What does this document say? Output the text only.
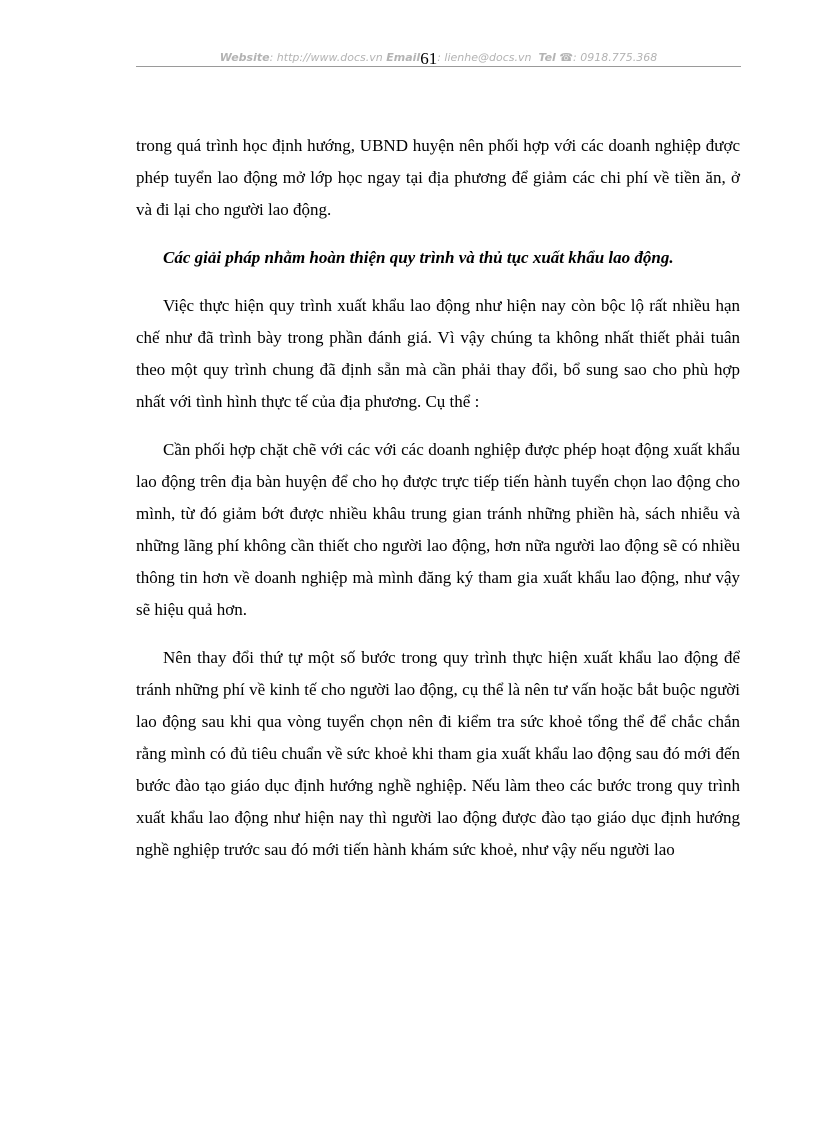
Website: http://www.docs.vn Email61: lienhe@docs.vn Tel ☎: 0918.775.368

trong quá trình học định hướng, UBND huyện nên phối hợp với các doanh nghiệp được phép tuyển lao động mở lớp học ngay tại địa phương để giảm các chi phí về tiền ăn, ở và đi lại cho người lao động.

Các giải pháp nhằm hoàn thiện quy trình và thủ tục xuất khẩu lao động.

Việc thực hiện quy trình xuất khẩu lao động như hiện nay còn bộc lộ rất nhiều hạn chế như đã trình bày trong phần đánh giá. Vì vậy chúng ta không nhất thiết phải tuân theo một quy trình chung đã định sẵn mà cần phải thay đổi, bổ sung sao cho phù hợp nhất với tình hình thực tế của địa phương. Cụ thể :

Cần phối hợp chặt chẽ với các với các doanh nghiệp được phép hoạt động xuất khẩu lao động trên địa bàn huyện để cho họ được trực tiếp tiến hành tuyển chọn lao động cho mình, từ đó giảm bớt được nhiều khâu trung gian tránh những phiền hà, sách nhiễu và những lãng phí không cần thiết cho người lao động, hơn nữa người lao động sẽ có nhiều thông tin hơn về doanh nghiệp mà mình đăng ký tham gia xuất khẩu lao động, như vậy sẽ hiệu quả hơn.

Nên thay đổi thứ tự một số bước trong quy trình thực hiện xuất khẩu lao động để tránh những phí về kinh tế cho người lao động, cụ thể là nên tư vấn hoặc bắt buộc người lao động sau khi qua vòng tuyển chọn nên đi kiểm tra sức khoẻ tổng thể để chắc chắn rằng mình có đủ tiêu chuẩn về sức khoẻ khi tham gia xuất khẩu lao động sau đó mới đến bước đào tạo giáo dục định hướng nghề nghiệp. Nếu làm theo các bước trong quy trình xuất khẩu lao động như hiện nay thì người lao động được đào tạo giáo dục định hướng nghề nghiệp trước sau đó mới tiến hành khám sức khoẻ, như vậy nếu người lao
